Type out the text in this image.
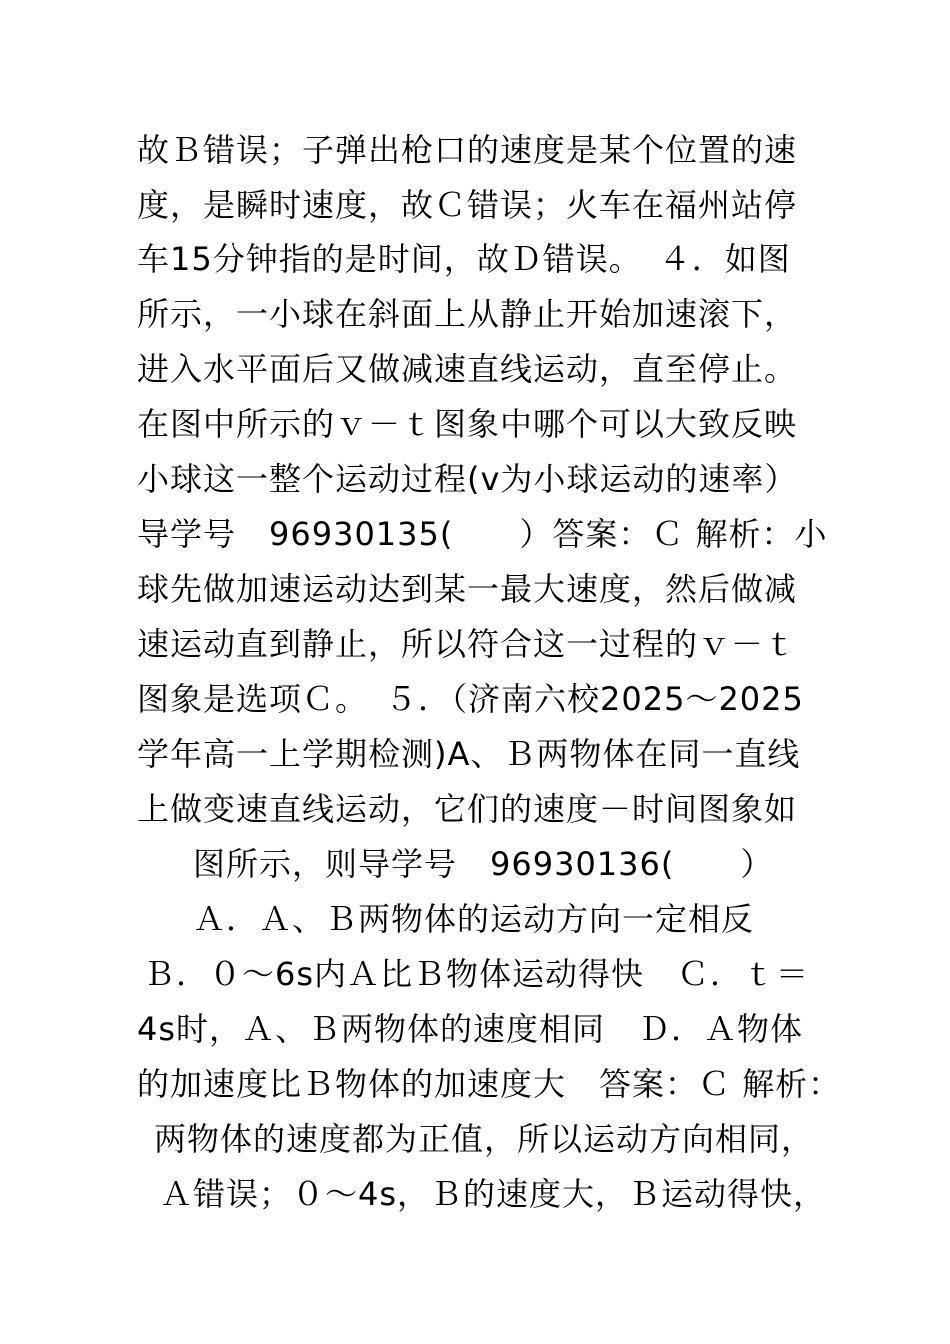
故Ｂ错误；子弹出枪口的速度是某个位置的速
度，是瞬时速度，故Ｃ错误；火车在福州站停
车15分钟指的是时间，故Ｄ错误。　４．如图
所示，一小球在斜面上从静止开始加速滚下，
进入水平面后又做减速直线运动，直至停止。
在图中所示的ｖ－ｔ图象中哪个可以大致反映
小球这一整个运动过程(v为小球运动的速率）
导学号　96930135(　　）答案：Ｃ 解析：小
球先做加速运动达到某一最大速度，然后做减
速运动直到静止，所以符合这一过程的ｖ－ｔ
图象是选项Ｃ。　５．（济南六校2025～2025
学年高一上学期检测)A、Ｂ两物体在同一直线
上做变速直线运动，它们的速度－时间图象如
图所示，则导学号　96930136(　　）
Ａ．Ａ、Ｂ两物体的运动方向一定相反
Ｂ．０～6s内Ａ比Ｂ物体运动得快　Ｃ．ｔ＝
4s时，Ａ、Ｂ两物体的速度相同　Ｄ．Ａ物体
的加速度比Ｂ物体的加速度大　答案：Ｃ 解析：
两物体的速度都为正值，所以运动方向相同，
Ａ错误；０～4s，Ｂ的速度大，Ｂ运动得快，
